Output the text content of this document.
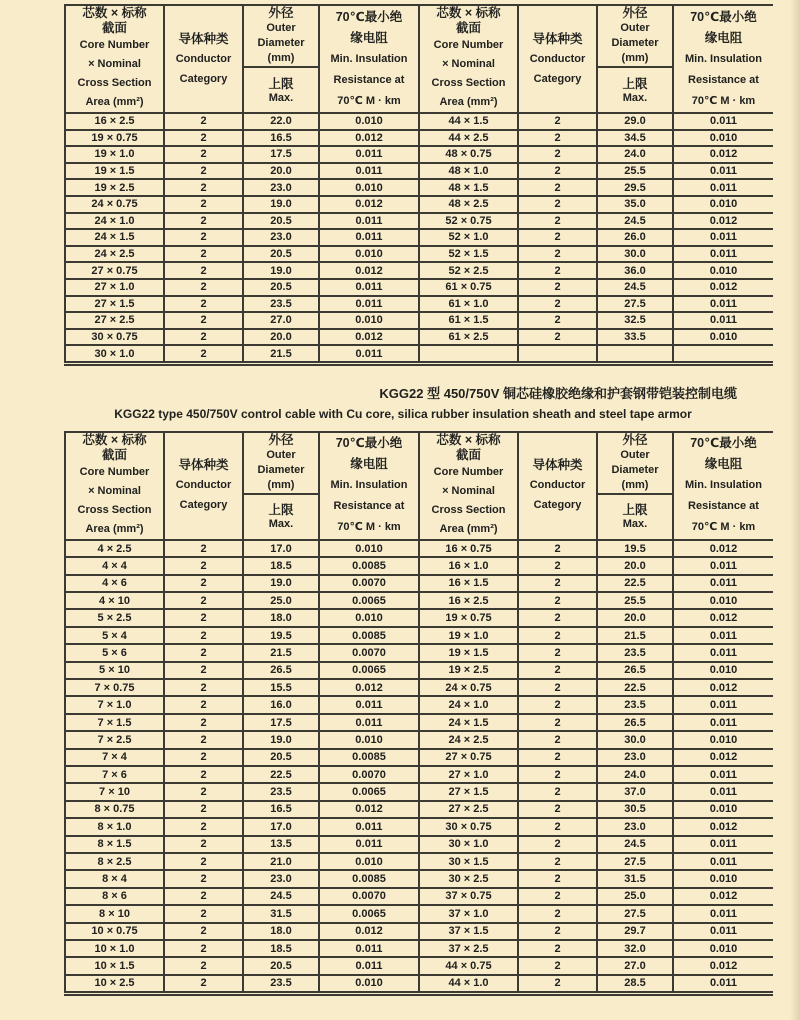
芯数 × 标称
截面
Core Number
× Nominal
Cross Section
Area (mm²)

导体种类
Conductor
Category

外径
Outer
Diameter
(mm)

70℃最小绝
缘电阻
Min. Insulation
Resistance at
70℃ M · km

芯数 × 标称
截面
Core Number
× Nominal
Cross Section
Area (mm²)

导体种类
Conductor
Category

外径
Outer
Diameter
(mm)

70℃最小绝
缘电阻
Min. Insulation
Resistance at
70℃ M · km

上限
Max.

上限
Max.

16 × 2.5	2	22.0	0.010	44 × 1.5	2	29.0	0.011
19 × 0.75	2	16.5	0.012	44 × 2.5	2	34.5	0.010
19 × 1.0	2	17.5	0.011	48 × 0.75	2	24.0	0.012
19 × 1.5	2	20.0	0.011	48 × 1.0	2	25.5	0.011
19 × 2.5	2	23.0	0.010	48 × 1.5	2	29.5	0.011
24 × 0.75	2	19.0	0.012	48 × 2.5	2	35.0	0.010
24 × 1.0	2	20.5	0.011	52 × 0.75	2	24.5	0.012
24 × 1.5	2	23.0	0.011	52 × 1.0	2	26.0	0.011
24 × 2.5	2	20.5	0.010	52 × 1.5	2	30.0	0.011
27 × 0.75	2	19.0	0.012	52 × 2.5	2	36.0	0.010
27 × 1.0	2	20.5	0.011	61 × 0.75	2	24.5	0.012
27 × 1.5	2	23.5	0.011	61 × 1.0	2	27.5	0.011
27 × 2.5	2	27.0	0.010	61 × 1.5	2	32.5	0.011
30 × 0.75	2	20.0	0.012	61 × 2.5	2	33.5	0.010
30 × 1.0	2	21.5	0.011				
KGG22 型 450/750V 铜芯硅橡胶绝缘和护套钢带铠装控制电缆
KGG22 type 450/750V control cable with Cu core, silica rubber insulation sheath and steel tape armor
芯数 × 标称
截面
Core Number
× Nominal
Cross Section
Area (mm²)

导体种类
Conductor
Category

外径
Outer
Diameter
(mm)

70℃最小绝
缘电阻
Min. Insulation
Resistance at
70℃ M · km

芯数 × 标称
截面
Core Number
× Nominal
Cross Section
Area (mm²)

导体种类
Conductor
Category

外径
Outer
Diameter
(mm)

70℃最小绝
缘电阻
Min. Insulation
Resistance at
70℃ M · km

上限
Max.

上限
Max.

4 × 2.5	2	17.0	0.010	16 × 0.75	2	19.5	0.012
4 × 4	2	18.5	0.0085	16 × 1.0	2	20.0	0.011
4 × 6	2	19.0	0.0070	16 × 1.5	2	22.5	0.011
4 × 10	2	25.0	0.0065	16 × 2.5	2	25.5	0.010
5 × 2.5	2	18.0	0.010	19 × 0.75	2	20.0	0.012
5 × 4	2	19.5	0.0085	19 × 1.0	2	21.5	0.011
5 × 6	2	21.5	0.0070	19 × 1.5	2	23.5	0.011
5 × 10	2	26.5	0.0065	19 × 2.5	2	26.5	0.010
7 × 0.75	2	15.5	0.012	24 × 0.75	2	22.5	0.012
7 × 1.0	2	16.0	0.011	24 × 1.0	2	23.5	0.011
7 × 1.5	2	17.5	0.011	24 × 1.5	2	26.5	0.011
7 × 2.5	2	19.0	0.010	24 × 2.5	2	30.0	0.010
7 × 4	2	20.5	0.0085	27 × 0.75	2	23.0	0.012
7 × 6	2	22.5	0.0070	27 × 1.0	2	24.0	0.011
7 × 10	2	23.5	0.0065	27 × 1.5	2	37.0	0.011
8 × 0.75	2	16.5	0.012	27 × 2.5	2	30.5	0.010
8 × 1.0	2	17.0	0.011	30 × 0.75	2	23.0	0.012
8 × 1.5	2	13.5	0.011	30 × 1.0	2	24.5	0.011
8 × 2.5	2	21.0	0.010	30 × 1.5	2	27.5	0.011
8 × 4	2	23.0	0.0085	30 × 2.5	2	31.5	0.010
8 × 6	2	24.5	0.0070	37 × 0.75	2	25.0	0.012
8 × 10	2	31.5	0.0065	37 × 1.0	2	27.5	0.011
10 × 0.75	2	18.0	0.012	37 × 1.5	2	29.7	0.011
10 × 1.0	2	18.5	0.011	37 × 2.5	2	32.0	0.010
10 × 1.5	2	20.5	0.011	44 × 0.75	2	27.0	0.012
10 × 2.5	2	23.5	0.010	44 × 1.0	2	28.5	0.011
